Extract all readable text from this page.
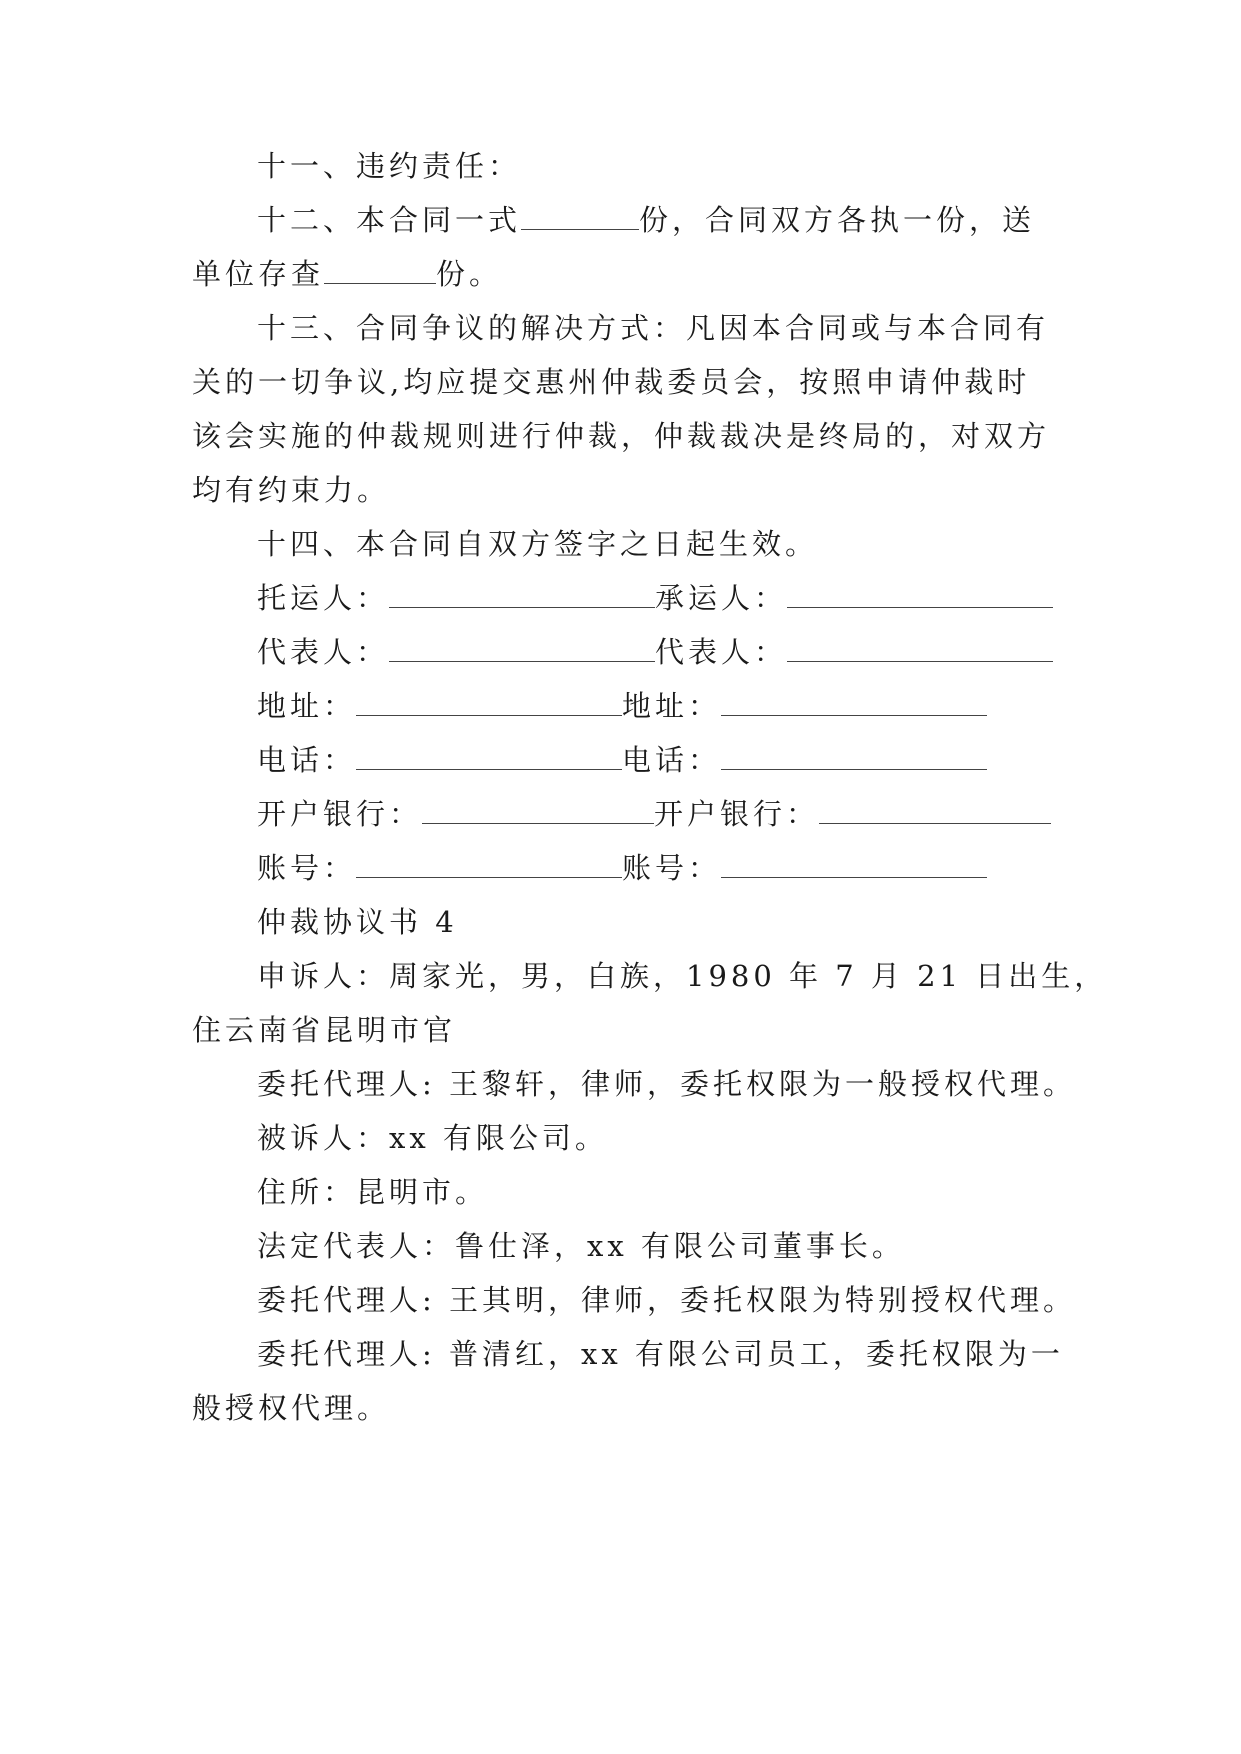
十一、违约责任：
十二、本合同一式	份，合同双方各执一份，送
单位存查	份。
十三、合同争议的解决方式：凡因本合同或与本合同有
关的一切争议,均应提交惠州仲裁委员会，按照申请仲裁时
该会实施的仲裁规则进行仲裁，仲裁裁决是终局的，对双方
均有约束力。
十四、本合同自双方签字之日起生效。
托运人：	承运人：
代表人：	代表人：
地址：	地址：
电话：	电话：
开户银行：	开户银行：
账号：	账号：
仲裁协议书 4
申诉人：周家光，男，白族，1980 年 7 月 21 日出生，
住云南省昆明市官
委托代理人: 王黎轩，律师，委托权限为一般授权代理。
被诉人：xx 有限公司。
住所：昆明市。
法定代表人：鲁仕泽，xx 有限公司董事长。
委托代理人: 王其明，律师，委托权限为特别授权代理。
委托代理人: 普清红，xx 有限公司员工，委托权限为一
般授权代理。
